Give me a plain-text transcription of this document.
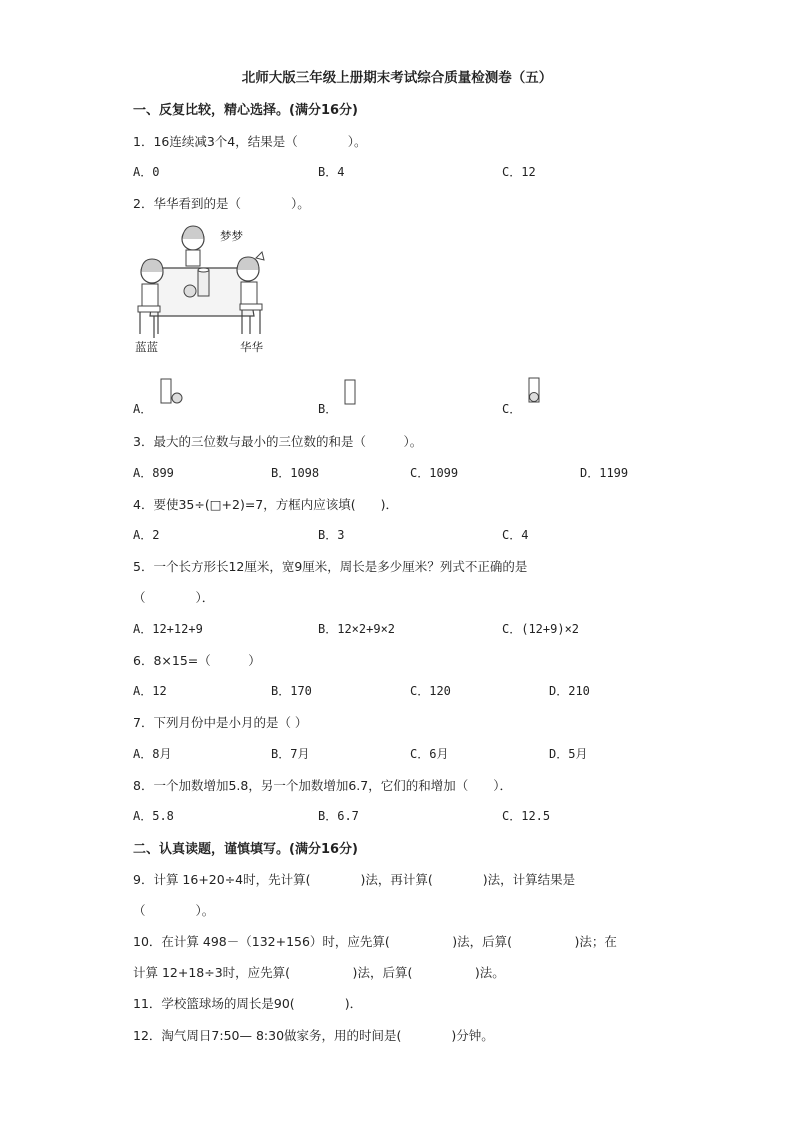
北师大版三年级上册期末考试综合质量检测卷（五）
一、反复比较，精心选择。(满分16分)
1．16连续减3个4，结果是（　　　　）。
A．0	B．4	C．12
2．华华看到的是（　　　　）。
梦梦
蓝蓝	华华
A．	B．	C．
3．最大的三位数与最小的三位数的和是（　　　）。
A．899	B．1098	C．1099	D．1199
4．要使35÷(□+2)=7，方框内应该填(　　)．
A．2	B．3	C．4
5．一个长方形长12厘米，宽9厘米，周长是多少厘米？列式不正确的是
（　　　　）．
A．12+12+9	B．12×2+9×2	C．(12+9)×2
6．8×15=（　　　）
A．12	B．170	C．120	D．210
7．下列月份中是小月的是（ ）
A．8月	B．7月	C．6月	D．5月
8．一个加数增加5.8，另一个加数增加6.7，它们的和增加（　　）．
A．5.8	B．6.7	C．12.5
二、认真读题，谨慎填写。(满分16分)
9．计算 16+20÷4时，先计算(　　　　)法，再计算(　　　　)法，计算结果是
（　　　　）。
10．在计算 498－（132+156）时，应先算(　　　　　)法，后算(　　　　　)法；在
计算 12+18÷3时，应先算(　　　　　)法，后算(　　　　　)法。
11．学校篮球场的周长是90(　　　　)．
12．淘气周日7:50— 8:30做家务，用的时间是(　　　　)分钟。
